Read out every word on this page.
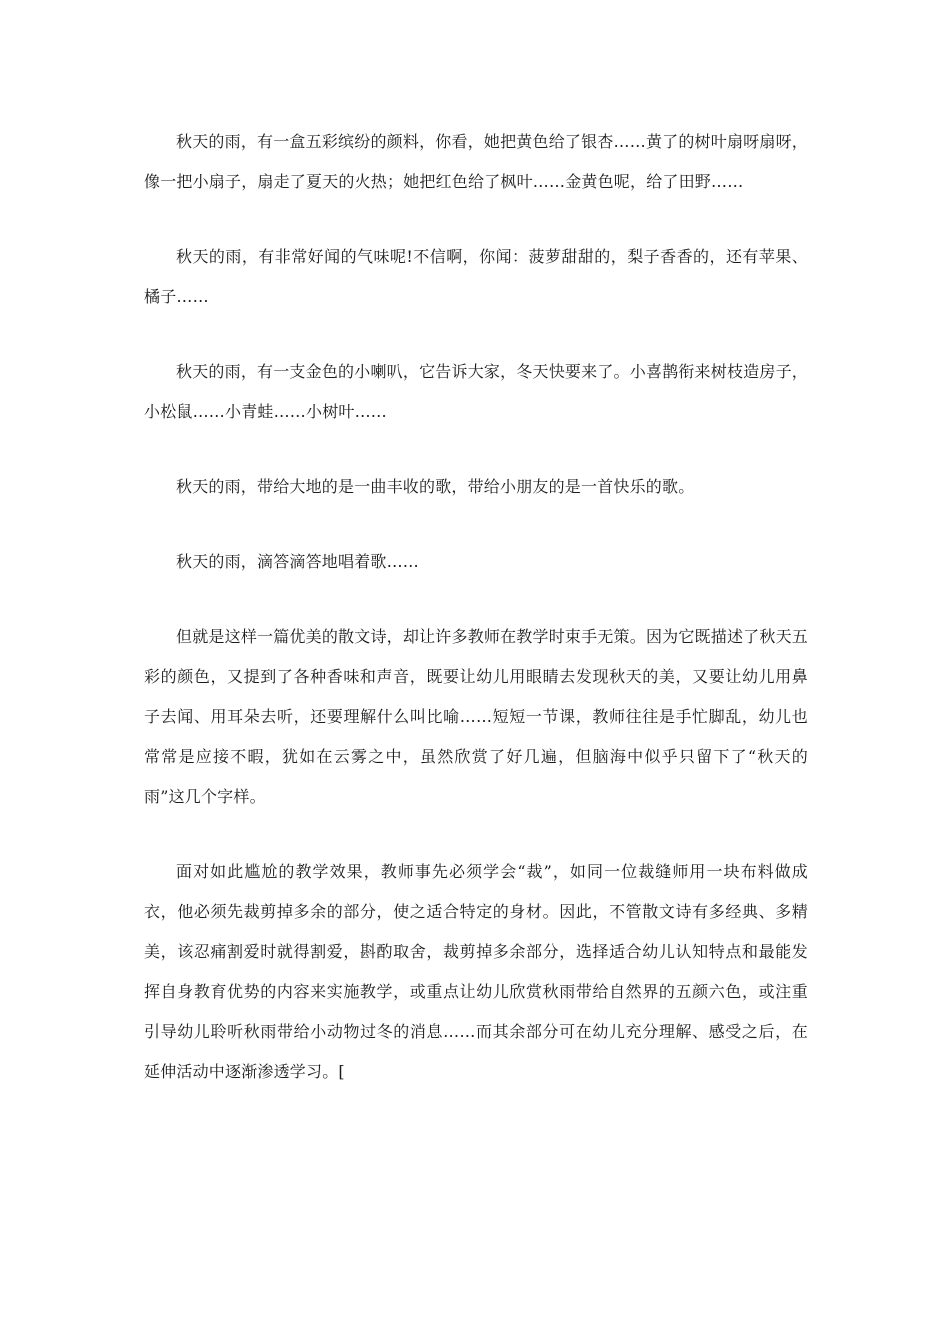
秋天的雨，有一盒五彩缤纷的颜料，你看，她把黄色给了银杏……黄了的树叶扇呀扇呀，像一把小扇子，扇走了夏天的火热；她把红色给了枫叶……金黄色呢，给了田野……

秋天的雨，有非常好闻的气味呢!不信啊，你闻：菠萝甜甜的，梨子香香的，还有苹果、橘子……

秋天的雨，有一支金色的小喇叭，它告诉大家，冬天快要来了。小喜鹊衔来树枝造房子，小松鼠……小青蛙……小树叶……

秋天的雨，带给大地的是一曲丰收的歌，带给小朋友的是一首快乐的歌。

秋天的雨，滴答滴答地唱着歌……

但就是这样一篇优美的散文诗，却让许多教师在教学时束手无策。因为它既描述了秋天五彩的颜色，又提到了各种香味和声音，既要让幼儿用眼睛去发现秋天的美，又要让幼儿用鼻子去闻、用耳朵去听，还要理解什么叫比喻……短短一节课，教师往往是手忙脚乱，幼儿也常常是应接不暇，犹如在云雾之中，虽然欣赏了好几遍，但脑海中似乎只留下了“秋天的雨”这几个字样。

面对如此尴尬的教学效果，教师事先必须学会“裁”，如同一位裁缝师用一块布料做成衣，他必须先裁剪掉多余的部分，使之适合特定的身材。因此，不管散文诗有多经典、多精美，该忍痛割爱时就得割爱，斟酌取舍，裁剪掉多余部分，选择适合幼儿认知特点和最能发挥自身教育优势的内容来实施教学，或重点让幼儿欣赏秋雨带给自然界的五颜六色，或注重引导幼儿聆听秋雨带给小动物过冬的消息……而其余部分可在幼儿充分理解、感受之后，在延伸活动中逐渐渗透学习。[
